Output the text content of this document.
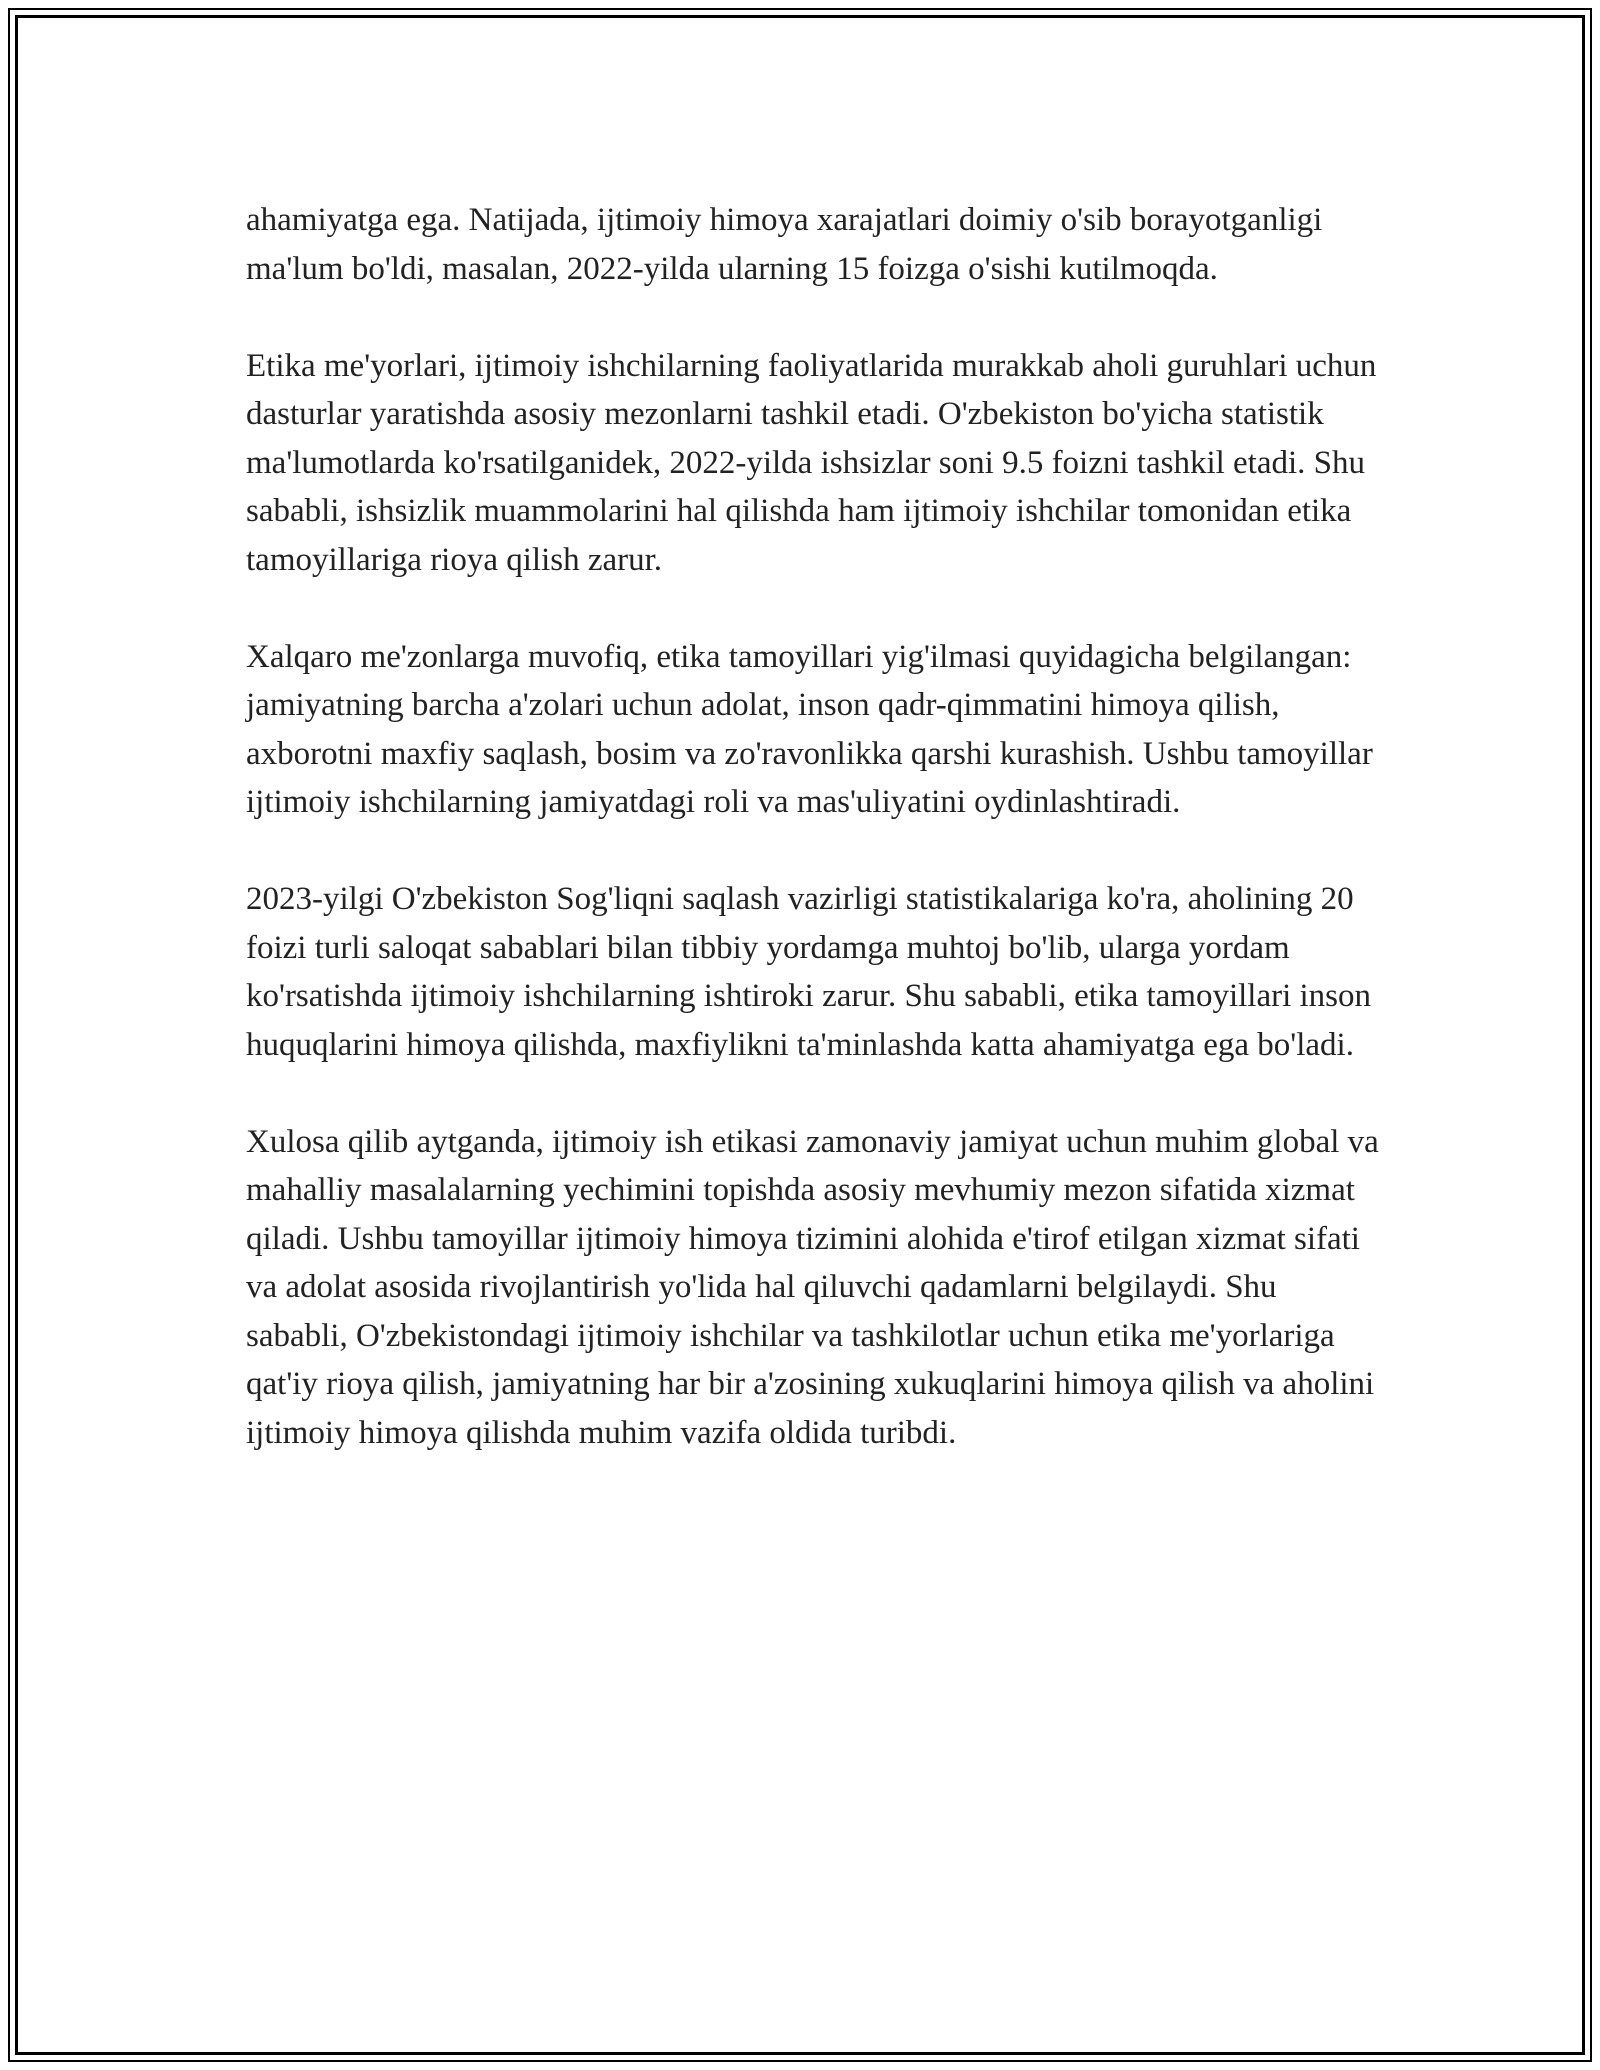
ahamiyatga ega. Natijada, ijtimoiy himoya xarajatlari doimiy o'sib borayotganligi ma'lum bo'ldi, masalan, 2022-yilda ularning 15 foizga o'sishi kutilmoqda.

Etika me'yorlari, ijtimoiy ishchilarning faoliyatlarida murakkab aholi guruhlari uchun dasturlar yaratishda asosiy mezonlarni tashkil etadi. O'zbekiston bo'yicha statistik ma'lumotlarda ko'rsatilganidek, 2022-yilda ishsizlar soni 9.5 foizni tashkil etadi. Shu sababli, ishsizlik muammolarini hal qilishda ham ijtimoiy ishchilar tomonidan etika tamoyillariga rioya qilish zarur.

Xalqaro me'zonlarga muvofiq, etika tamoyillari yig'ilmasi quyidagicha belgilangan: jamiyatning barcha a'zolari uchun adolat, inson qadr-qimmatini himoya qilish, axborotni maxfiy saqlash, bosim va zo'ravonlikka qarshi kurashish. Ushbu tamoyillar ijtimoiy ishchilarning jamiyatdagi roli va mas'uliyatini oydinlashtiradi.

2023-yilgi O'zbekiston Sog'liqni saqlash vazirligi statistikalariga ko'ra, aholining 20 foizi turli saloqat sabablari bilan tibbiy yordamga muhtoj bo'lib, ularga yordam ko'rsatishda ijtimoiy ishchilarning ishtiroki zarur. Shu sababli, etika tamoyillari inson huquqlarini himoya qilishda, maxfiylikni ta'minlashda katta ahamiyatga ega bo'ladi.

Xulosa qilib aytganda, ijtimoiy ish etikasi zamonaviy jamiyat uchun muhim global va mahalliy masalalarning yechimini topishda asosiy mevhumiy mezon sifatida xizmat qiladi. Ushbu tamoyillar ijtimoiy himoya tizimini alohida e'tirof etilgan xizmat sifati va adolat asosida rivojlantirish yo'lida hal qiluvchi qadamlarni belgilaydi. Shu sababli, O'zbekistondagi ijtimoiy ishchilar va tashkilotlar uchun etika me'yorlariga qat'iy rioya qilish, jamiyatning har bir a'zosining xukuqlarini himoya qilish va aholini ijtimoiy himoya qilishda muhim vazifa oldida turibdi.
